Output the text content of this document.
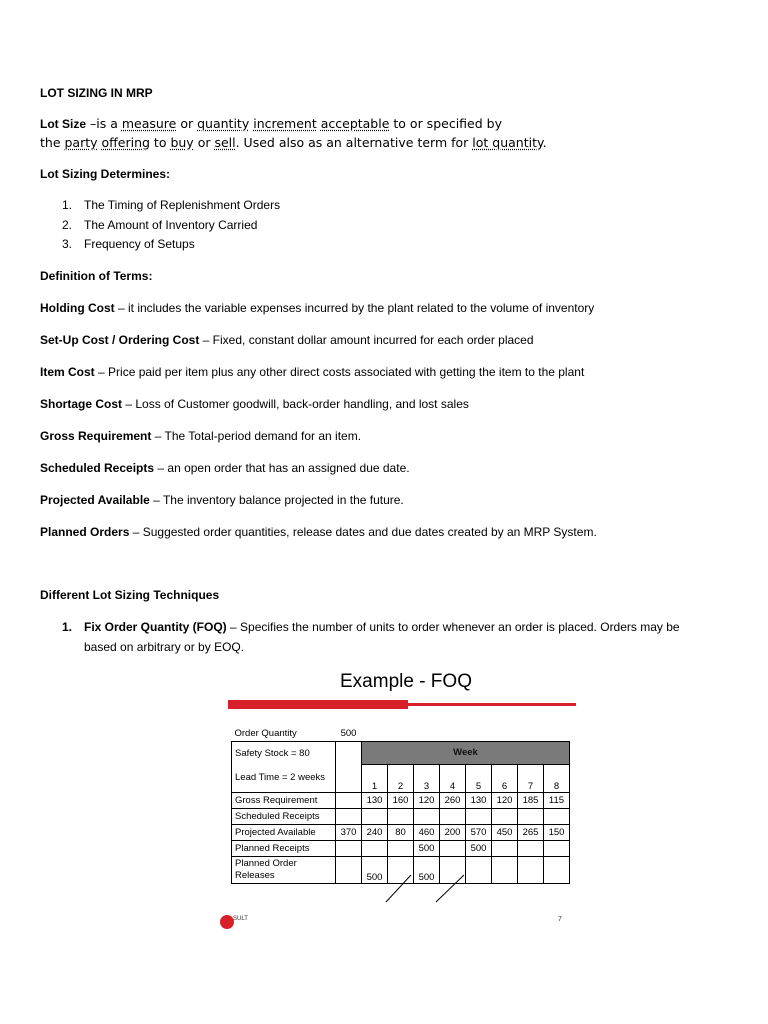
LOT SIZING IN MRP
Lot Size –is a measure or quantity increment acceptable to or specified by
the party offering to buy or sell. Used also as an alternative term for lot quantity.
Lot Sizing Determines:
1. The Timing of Replenishment Orders
2. The Amount of Inventory Carried
3. Frequency of Setups
Definition of Terms:
Holding Cost – it includes the variable expenses incurred by the plant related to the volume of inventory
Set-Up Cost / Ordering Cost – Fixed, constant dollar amount incurred for each order placed
Item Cost – Price paid per item plus any other direct costs associated with getting the item to the plant
Shortage Cost – Loss of Customer goodwill, back-order handling, and lost sales
Gross Requirement – The Total-period demand for an item.
Scheduled Receipts – an open order that has an assigned due date.
Projected Available – The inventory balance projected in the future.
Planned Orders – Suggested order quantities, release dates and due dates created by an MRP System.
Different Lot Sizing Techniques
1. Fix Order Quantity (FOQ) – Specifies the number of units to order whenever an order is placed. Orders may be
based on arbitrary or by EOQ.
Example - FOQ
Order Quantity	500								
Safety Stock = 80		Week							
Lead Time = 2 weeks		1	2	3	4	5	6	7	8
Gross Requirement		130	160	120	260	130	120	185	115
Scheduled Receipts									
Projected Available	370	240	80	460	200	570	450	265	150
Planned Receipts				500		500			
Planned Order Releases		500		500					
SULT	7
